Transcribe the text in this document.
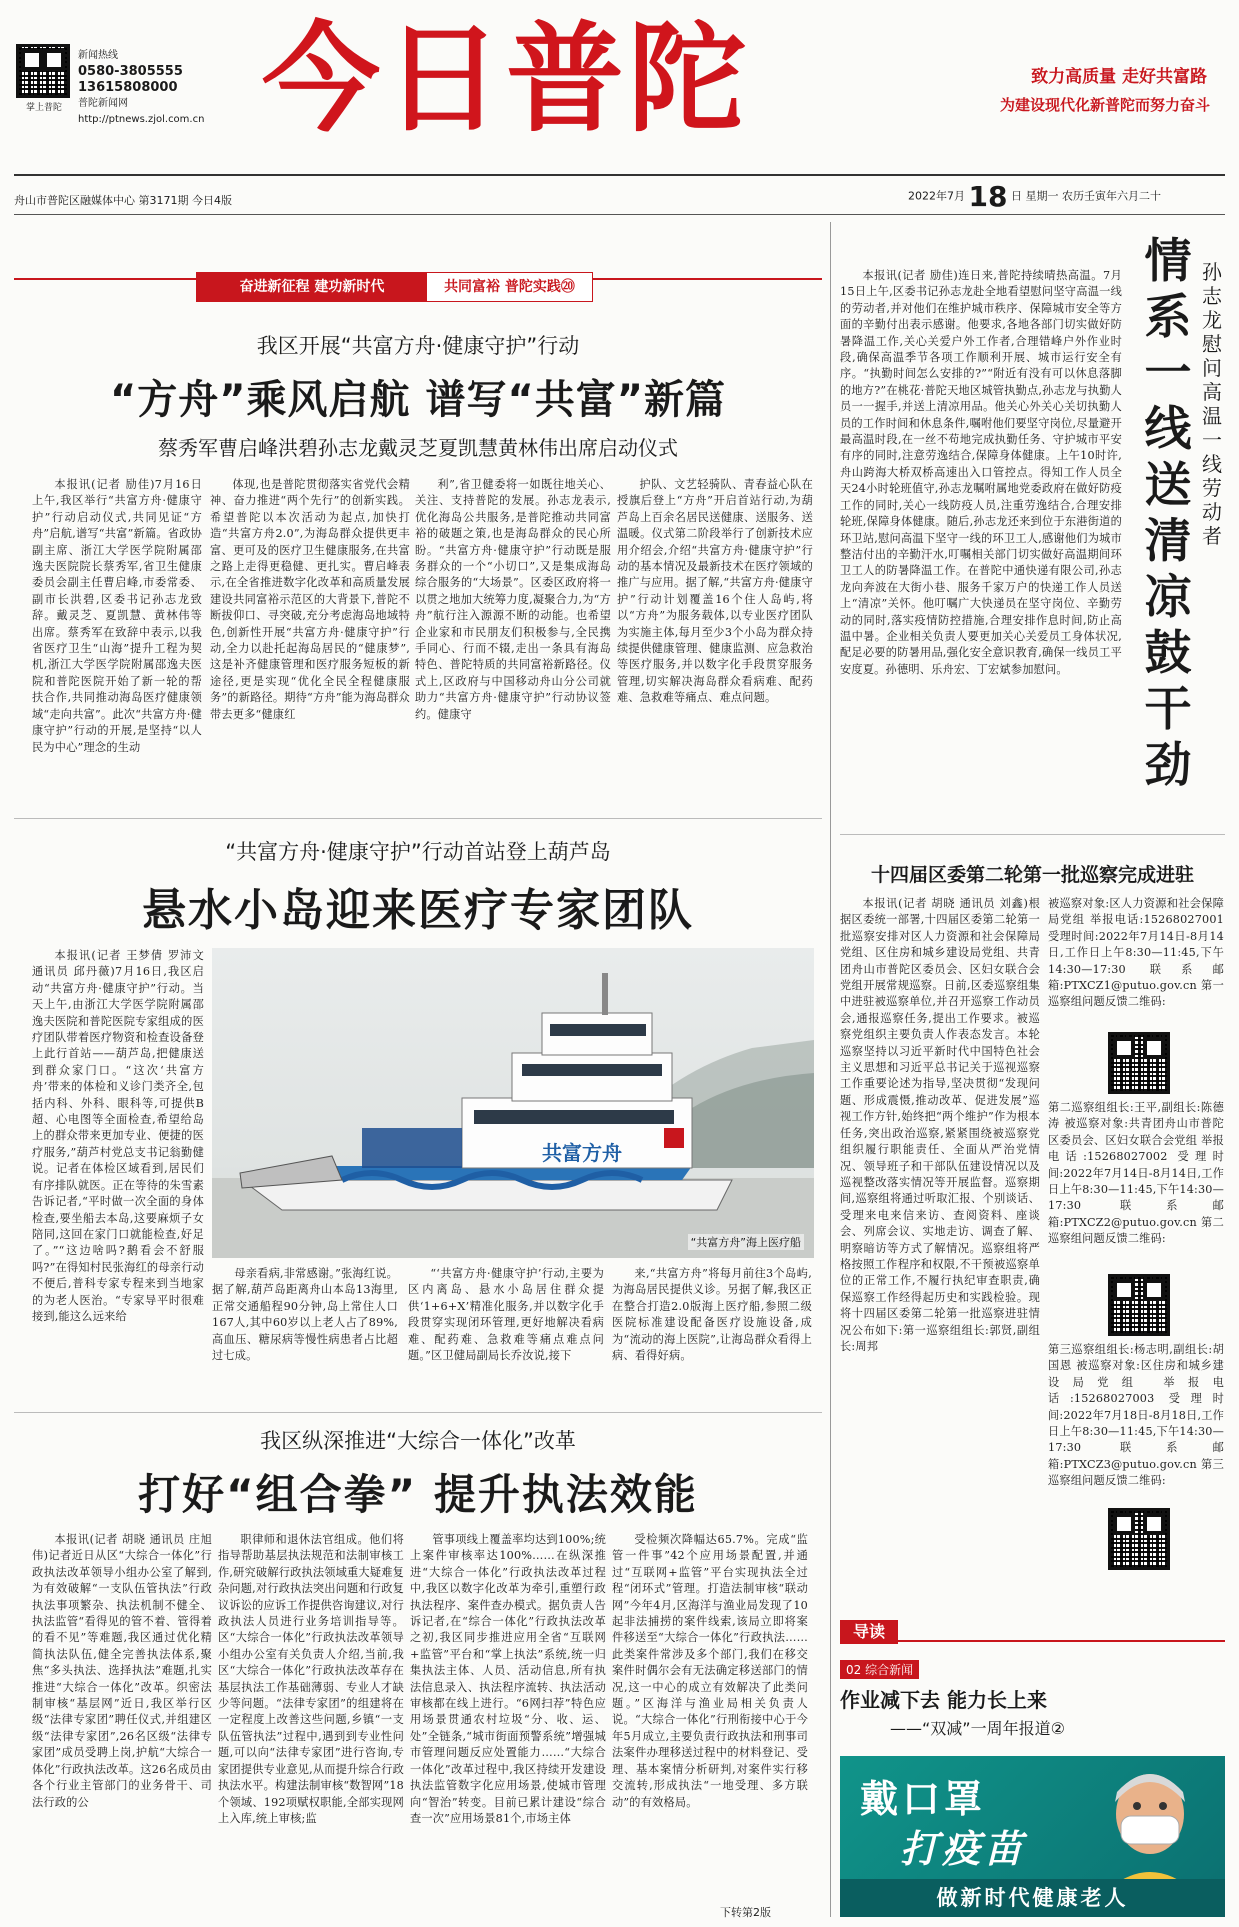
掌上普陀
新闻热线
0580-3805555
13615808000
普陀新闻网
http://ptnews.zjol.com.cn 今日普陀	致力高质量 走好共富路
为建设现代化新普陀而努力奋斗
舟山市普陀区融媒体中心 第3171期 今日4版	2022年7月 18 日 星期一 农历壬寅年六月二十
奋进新征程 建功新时代	共同富裕 普陀实践⑳
我区开展“共富方舟·健康守护”行动
“方舟”乘风启航 谱写“共富”新篇
蔡秀军曹启峰洪碧孙志龙戴灵芝夏凯慧黄林伟出席启动仪式

本报讯(记者 励佳)7月16日上午,我区举行“共富方舟·健康守护”行动启动仪式,共同见证“方舟”启航,谱写“共富”新篇。省政协副主席、浙江大学医学院附属邵逸夫医院院长蔡秀军,省卫生健康委员会副主任曹启峰,市委常委、副市长洪碧,区委书记孙志龙致辞。戴灵芝、夏凯慧、黄林伟等出席。蔡秀军在致辞中表示,以我省医疗卫生“山海”提升工程为契机,浙江大学医学院附属邵逸夫医院和普陀医院开始了新一轮的帮扶合作,共同推动海岛医疗健康领域“走向共富”。此次“共富方舟·健康守护”行动的开展,是坚持“以人民为中心”理念的生动

体现,也是普陀贯彻落实省党代会精神、奋力推进“两个先行”的创新实践。希望普陀以本次活动为起点,加快打造“共富方舟2.0”,为海岛群众提供更丰富、更可及的医疗卫生健康服务,在共富之路上走得更稳健、更扎实。曹启峰表示,在全省推进数字化改革和高质量发展建设共同富裕示范区的大背景下,普陀不断拔仰口、寻突破,充分考虑海岛地域特色,创新性开展“共富方舟·健康守护”行动,全力以赴托起海岛居民的“健康梦”,这是补齐健康管理和医疗服务短板的新途径,更是实现“优化全民全程健康服务”的新路径。期待“方舟”能为海岛群众带去更多“健康红

利”,省卫健委将一如既往地关心、关注、支持普陀的发展。孙志龙表示,优化海岛公共服务,是普陀推动共同富裕的破题之策,也是海岛群众的民心所盼。“共富方舟·健康守护”行动既是服务群众的一个“小切口”,又是集成海岛综合服务的“大场景”。区委区政府将一以贯之地加大统筹力度,凝聚合力,为“方舟”航行注入源源不断的动能。也希望企业家和市民朋友们积极参与,全民携手同心、行而不辍,走出一条具有海岛特色、普陀特质的共同富裕新路径。仪式上,区政府与中国移动舟山分公司就助力“共富方舟·健康守护”行动协议签约。健康守

护队、文艺轻骑队、青春益心队在授旗后登上“方舟”开启首站行动,为葫芦岛上百余名居民送健康、送服务、送温暖。仪式第二阶段举行了创新技术应用介绍会,介绍“共富方舟·健康守护”行动的基本情况及最新技术在医疗领域的推广与应用。据了解,“共富方舟·健康守护”行动计划覆盖16个住人岛屿,将以“方舟”为服务载体,以专业医疗团队为实施主体,每月至少3个小岛为群众持续提供健康管理、健康监测、应急救治等医疗服务,并以数字化手段贯穿服务管理,切实解决海岛群众看病难、配药难、急救难等痛点、难点问题。

“共富方舟·健康守护”行动首站登上葫芦岛
悬水小岛迎来医疗专家团队

本报讯(记者 王梦倩 罗沛文 通讯员 邱丹薇)7月16日,我区启动“共富方舟·健康守护”行动。当天上午,由浙江大学医学院附属邵逸夫医院和普陀医院专家组成的医疗团队带着医疗物资和检查设备登上此行首站——葫芦岛,把健康送到群众家门口。“这次‘共富方舟’带来的体检和义诊门类齐全,包括内科、外科、眼科等,可提供B超、心电图等全面检查,希望给岛上的群众带来更加专业、便捷的医疗服务,”葫芦村党总支书记翁勤健说。记者在体检区域看到,居民们有序排队就医。正在等待的朱雪素告诉记者,“平时做一次全面的身体检查,要坐船去本岛,这要麻烦子女陪同,这回在家门口就能检查,好足了。”“这边啥吗?鹅看会不舒服吗?”在得知村民张海红的母亲行动不便后,普科专家专程来到当地家的为老人医治。“专家导平时很难接到,能这么远来给

共富方舟
“共富方舟”海上医疗船

母亲看病,非常感谢。”张海红说。据了解,葫芦岛距离舟山本岛13海里,正常交通船程90分钟,岛上常住人口167人,其中60岁以上老人占了89%,高血压、糖尿病等慢性病患者占比超过七成。

“‘共富方舟·健康守护’行动,主要为区内离岛、悬水小岛居住群众提供‘1+6+X’精准化服务,并以数字化手段贯穿实现闭环管理,更好地解决看病难、配药难、急救难等痛点难点问题。”区卫健局副局长乔汝说,接下

来,“共富方舟”将每月前往3个岛屿,为海岛居民提供义诊。另据了解,我区正在整合打造2.0版海上医疗船,参照二级医院标准建设配备医疗设施设备,成为“流动的海上医院”,让海岛群众看得上病、看得好病。

我区纵深推进“大综合一体化”改革
打好“组合拳” 提升执法效能

本报讯(记者 胡晓 通讯员 庄旭伟)记者近日从区“大综合一体化”行政执法改革领导小组办公室了解到,为有效破解“一支队伍管执法”行政执法事项繁杂、执法机制不健全、执法监管“看得见的管不着、管得着的看不见”等难题,我区通过优化精简执法队伍,健全完善执法体系,聚焦“多头执法、选择执法”难题,扎实推进“大综合一体化”改革。织密法制审核“基层网”近日,我区举行区级“法律专家团”聘任仪式,并组建区级“法律专家团”,26名区级“法律专家团”成员受聘上岗,护航“大综合一体化”行政执法改革。这26名成员由各个行业主管部门的业务骨干、司法行政的公

职律师和退休法官组成。他们将指导帮助基层执法规范和法制审核工作,研究破解行政执法领域重大疑难复杂问题,对行政执法突出问题和行政复议诉讼的应诉工作提供咨询建议,对行政执法人员进行业务培训指导等。区“大综合一体化”行政执法改革领导小组办公室有关负责人介绍,当前,我区“大综合一体化”行政执法改革存在基层执法工作基础薄弱、专业人才缺少等问题。“法律专家团”的组建将在一定程度上改善这些问题,乡镇“一支队伍管执法”过程中,遇到到专业性问题,可以向“法律专家团”进行咨询,专家团提供专业意见,从而提升综合行政执法水平。构建法制审核“数智网”18个领域、192项赋权职能,全部实现网上入库,统上审核;监

管事项线上覆盖率均达到100%;统上案件审核率达100%……在纵深推进“大综合一体化”行政执法改革过程中,我区以数字化改革为牵引,重塑行政执法程序、案件查办模式。据负责人告诉记者,在“综合一体化”行政执法改革之初,我区同步推进应用全省“互联网+监管”平台和“掌上执法”系统,统一归集执法主体、人员、活动信息,所有执法信息录入、执法程序流转、执法活动审核都在线上进行。“6网扫荐”特色应用场景贯通农村垃圾“分、收、运、处”全链条,“城市街面预警系统”增强城市管理问题反应处置能力……“大综合一体化”改革过程中,我区持续开发建设执法监管数字化应用场景,使城市管理向“智治”转变。目前已累计建设“综合查一次”应用场景81个,市场主体

受检频次降幅达65.7%。完成“监管一件事”42个应用场景配置,并通过“互联网+监管”平台实现执法全过程“闭环式”管理。打造法制审核“联动网”今年4月,区海洋与渔业局发现了10起非法捕捞的案件线索,该局立即将案件移送至“大综合一体化”行政执法……此类案件常涉及多个部门,我们在移交案件时偶尔会有无法确定移送部门的情况,这一中心的成立有效解决了此类问题。”区海洋与渔业局相关负责人说。“大综合一体化”行刑衔接中心于今年5月成立,主要负责行政执法和刑事司法案件办理移送过程中的材料登记、受理、基本案情分析研判,对案件实行移交流转,形成执法“一地受理、多方联动”的有效格局。

下转第2版

本报讯(记者 励佳)连日来,普陀持续晴热高温。7月15日上午,区委书记孙志龙赴全地看望慰问坚守高温一线的劳动者,并对他们在维护城市秩序、保障城市安全等方面的辛勤付出表示感谢。他要求,各地各部门切实做好防暑降温工作,关心关爱户外工作者,合理错峰户外作业时段,确保高温季节各项工作顺利开展、城市运行安全有序。“执勤时间怎么安排的?”“附近有没有可以休息落脚的地方?”在桃花·普陀天地区城管执勤点,孙志龙与执勤人员一一握手,并送上清凉用品。他关心外关心关切执勤人员的工作时间和休息条件,嘱咐他们要坚守岗位,尽量避开最高温时段,在一丝不苟地完成执勤任务、守护城市平安有序的同时,注意劳逸结合,保障身体健康。上午10时许,舟山跨海大桥双桥高速出入口管控点。得知工作人员全天24小时轮班值守,孙志龙嘱咐属地党委政府在做好防疫工作的同时,关心一线防疫人员,注重劳逸结合,合理安排轮班,保障身体健康。随后,孙志龙还来到位于东港街道的环卫站,慰问高温下坚守一线的环卫工人,感谢他们为城市整洁付出的辛勤汗水,叮嘱相关部门切实做好高温期间环卫工人的防暑降温工作。在普陀中通快递有限公司,孙志龙向奔波在大街小巷、服务千家万户的快递工作人员送上“清凉”关怀。他叮嘱广大快递员在坚守岗位、辛勤劳动的同时,落实疫情防控措施,合理安排作息时间,防止高温中暑。企业相关负责人要更加关心关爱员工身体状况,配足必要的防暑用品,强化安全意识教育,确保一线员工平安度夏。孙德明、乐舟宏、丁宏斌参加慰问。

情系一线送清凉鼓干劲
孙志龙慰问高温一线劳动者
十四届区委第二轮第一批巡察完成进驻

本报讯(记者 胡晓 通讯员 刘鑫)根据区委统一部署,十四届区委第二轮第一批巡察安排对区人力资源和社会保障局党组、区住房和城乡建设局党组、共青团舟山市普陀区委员会、区妇女联合会党组开展常规巡察。日前,区委巡察组集中进驻被巡察单位,并召开巡察工作动员会,通报巡察任务,提出工作要求。被巡察党组织主要负责人作表态发言。本轮巡察坚持以习近平新时代中国特色社会主义思想和习近平总书记关于巡视巡察工作重要论述为指导,坚决贯彻“发现问题、形成震慑,推动改革、促进发展”巡视工作方针,始终把“两个维护”作为根本任务,突出政治巡察,紧紧围绕被巡察党组织履行职能责任、全面从严治党情况、领导班子和干部队伍建设情况以及巡视整改落实情况等开展监督。巡察期间,巡察组将通过听取汇报、个别谈话、受理来电来信来访、查阅资料、座谈会、列席会议、实地走访、调查了解、明察暗访等方式了解情况。巡察组将严格按照工作程序和权限,不干预被巡察单位的正常工作,不履行执纪审查职责,确保巡察工作经得起历史和实践检验。现将十四届区委第二轮第一批巡察进驻情况公布如下:第一巡察组组长:郭贤,副组长:周邦

被巡察对象:区人力资源和社会保障局党组 举报电话:15268027001 受理时间:2022年7月14日-8月14日,工作日上午8:30—11:45,下午14:30—17:30 联系邮箱:PTXCZ1@putuo.gov.cn 第一巡察组问题反馈二维码:

第二巡察组组长:王平,副组长:陈德涛 被巡察对象:共青团舟山市普陀区委员会、区妇女联合会党组 举报电话:15268027002 受理时间:2022年7月14日-8月14日,工作日上午8:30—11:45,下午14:30—17:30 联系邮箱:PTXCZ2@putuo.gov.cn 第二巡察组问题反馈二维码:

第三巡察组组长:杨志明,副组长:胡国恩 被巡察对象:区住房和城乡建设局党组 举报电话:15268027003 受理时间:2022年7月18日-8月18日,工作日上午8:30—11:45,下午14:30—17:30 联系邮箱:PTXCZ3@putuo.gov.cn 第三巡察组问题反馈二维码:

导读
02 综合新闻
作业减下去 能力长上来
——“双减”一周年报道②
戴口罩
打疫苗
做新时代健康老人
